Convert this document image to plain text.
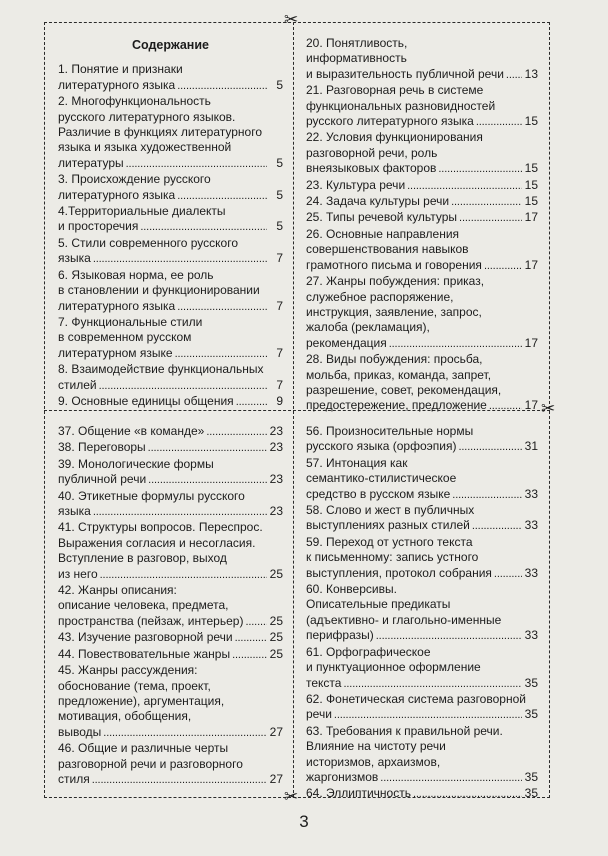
✂
✂
✂
Содержание
1. Понятие и признаки
литературного языка . . .	5
2. Многофункциональность
русского литературного языков.
Различие в функциях литературного
языка и языка художественной
литературы . . .	5
3. Происхождение русского
литературного языка . . .	5
4.Территориальные диалекты
и просторечия . . .	5
5. Стили современного русского
языка . . .	7
6. Языковая норма, ее роль
в становлении и функционировании
литературного языка . . .	7
7. Функциональные стили
в современном русском
литературном языке . . .	7
8. Взаимодействие функциональных
стилей . . .	7
9. Основные единицы общения . . .	9
20. Понятливость,
информативность
и выразительность публичной речи . . . 13
21. Разговорная речь в системе
функциональных разновидностей
русского литературного языка . . .	15
22. Условия функционирования
разговорной речи, роль
внеязыковых факторов . . .	15
23. Культура речи . . .	15
24. Задача культуры речи . . .	15
25. Типы речевой культуры . . .	17
26. Основные направления
совершенствования навыков
грамотного письма и говорения . . .	17
27. Жанры побуждения: приказ,
служебное распоряжение,
инструкция, заявление, запрос,
жалоба (рекламация),
рекомендация . . .	17
28. Виды побуждения: просьба,
мольба, приказ, команда, запрет,
разрешение, совет, рекомендация,
предостережение, предложение . . .	17
37. Общение «в команде» . . .	23
38. Переговоры . . .	23
39. Монологические формы
публичной речи . . .	23
40. Этикетные формулы русского
языка . . .	23
41. Структуры вопросов. Переспрос.
Выражения согласия и несогласия.
Вступление в разговор, выход
из него . . .	25
42. Жанры описания:
описание человека, предмета,
пространства (пейзаж, интерьер) . . . 25
43. Изучение разговорной речи . . .	25
44. Повествовательные жанры . . .	25
45. Жанры рассуждения:
обоснование (тема, проект,
предложение), аргументация,
мотивация, обобщения,
выводы . . .	27
46. Общие и различные черты
разговорной речи и разговорного
стиля . . .	27
56. Произносительные нормы
русского языка (орфоэпия) . . .	31
57. Интонация как
семантико-стилистическое
средство в русском языке . . .	33
58. Слово и жест в публичных
выступлениях разных стилей . . .	33
59. Переход от устного текста
к письменному: запись устного
выступления, протокол собрания . . .	33
60. Конверсивы.
Описательные предикаты
(адъективно- и глагольно-именные
перифразы) . . .	33
61. Орфографическое
и пунктуационное оформление
текста . . .	35
62. Фонетическая система разговорной
речи . . .	35
63. Требования к правильной речи.
Влияние на чистоту речи
историзмов, архаизмов,
жаргонизмов . . .	35
64. Эллиптичность . . .	35
3
